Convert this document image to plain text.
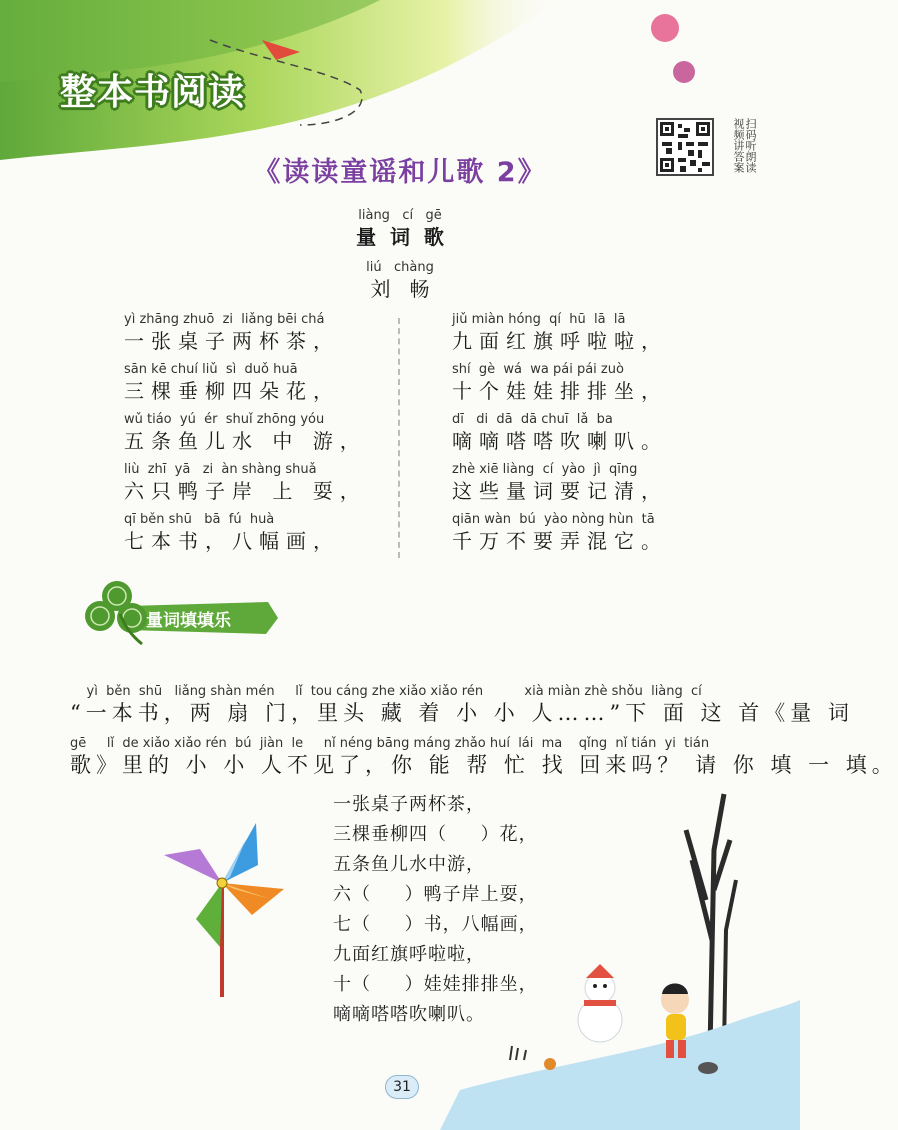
整本书阅读
扫码听朗读视频讲答案
《读读童谣和儿歌 2》
liàng   cí   gē
量  词  歌
liú   chàng
刘   畅
yì zhāng zhuō  zi  liǎng bēi chá
一张桌子两杯茶，
sān kē chuí liǔ  sì  duǒ huā
三棵垂柳四朵花，
wǔ tiáo  yú  ér  shuǐ zhōng yóu
五条鱼儿水 中 游，
liù  zhī  yā   zi  àn shàng shuǎ
六只鸭子岸 上 耍，
qī běn shū   bā  fú  huà
七本书，八幅画，
jiǔ miàn hóng  qí  hū  lā  lā
九面红旗呼啦啦，
shí  gè  wá  wa pái pái zuò
十个娃娃排排坐，
dī   di  dā  dā chuī  lǎ  ba
嘀嘀嗒嗒吹喇叭。
zhè xiē liàng  cí  yào  jì  qīng
这些量词要记清，
qiān wàn  bú  yào nòng hùn  tā
千万不要弄混它。
量词填填乐
yì  běn  shū   liǎng shàn mén     lǐ  tou cáng zhe xiǎo xiǎo rén          xià miàn zhè shǒu  liàng  cí
“一本书，两 扇 门，里头 藏 着 小 小 人……”下 面 这 首《量 词
gē     lǐ  de xiǎo xiǎo rén  bú  jiàn  le     nǐ néng bāng máng zhǎo huí  lái  ma    qǐng  nǐ tián  yi  tián
歌》里的 小 小 人不见了，你 能 帮 忙 找 回来吗？ 请 你 填 一 填。
一张桌子两杯茶，
三棵垂柳四（     ）花，
五条鱼儿水中游，
六（     ）鸭子岸上耍，
七（     ）书，八幅画，
九面红旗呼啦啦，
十（     ）娃娃排排坐，
嘀嘀嗒嗒吹喇叭。
31
